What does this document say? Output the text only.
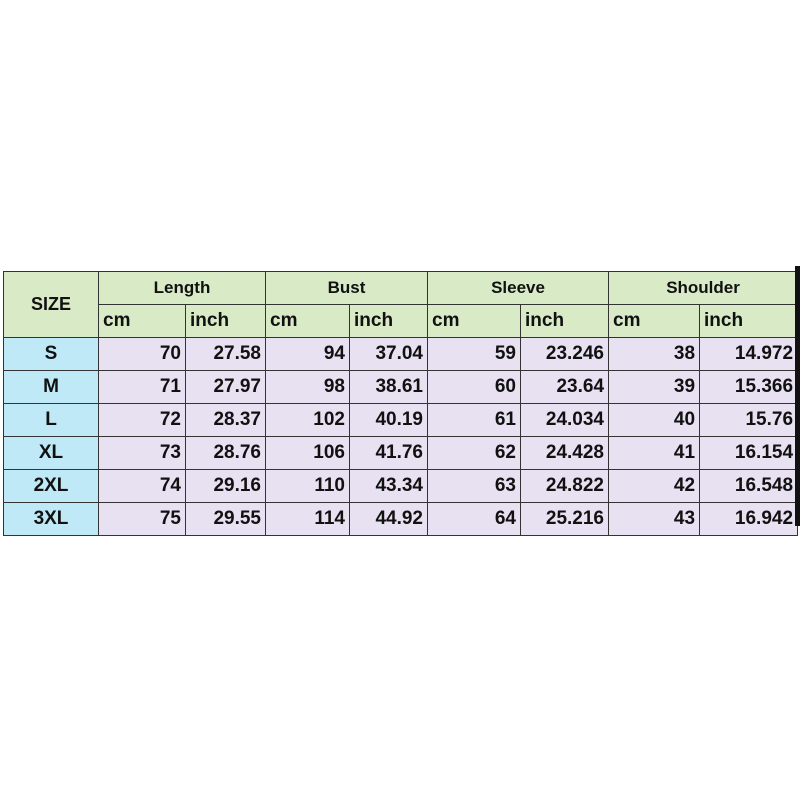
SIZE	Length		Bust		Sleeve		Shoulder	
	cm	inch	cm	inch	cm	inch	cm	inch
S	70	27.58	94	37.04	59	23.246	38	14.972
M	71	27.97	98	38.61	60	23.64	39	15.366
L	72	28.37	102	40.19	61	24.034	40	15.76
XL	73	28.76	106	41.76	62	24.428	41	16.154
2XL	74	29.16	110	43.34	63	24.822	42	16.548
3XL	75	29.55	114	44.92	64	25.216	43	16.942
